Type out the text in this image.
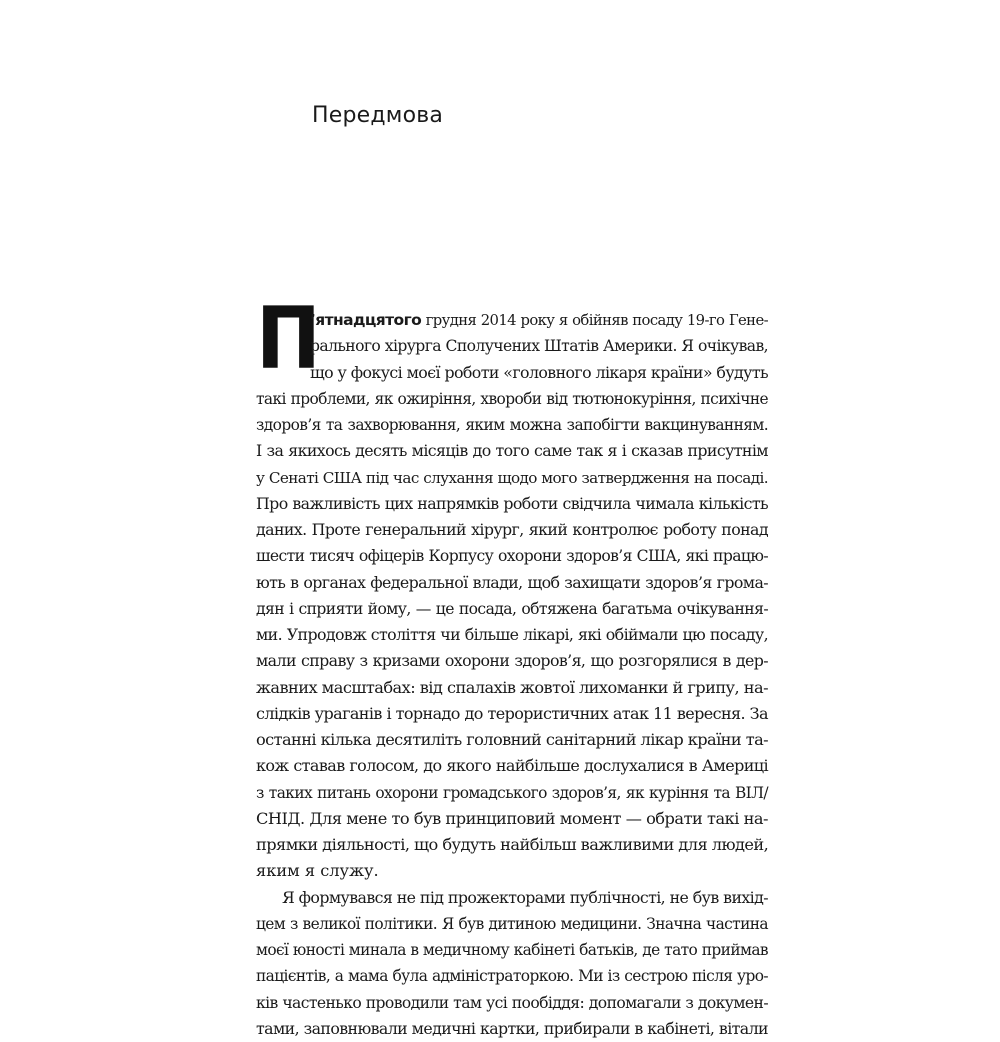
Передмова
П
’ятнадцятого грудня 2014 року я обійняв посаду 19-го Гене-
рального хірурга Сполучених Штатів Америки. Я очікував,
що у фокусі моєї роботи «головного лікаря країни» будуть
такі проблеми, як ожиріння, хвороби від тютюнокуріння, психічне
здоров’я та захворювання, яким можна запобігти вакцинуванням.
І за якихось десять місяців до того саме так я і сказав присутнім
у Сенаті США під час слухання щодо мого затвердження на посаді.
Про важливість цих напрямків роботи свідчила чимала кількість
даних. Проте генеральний хірург, який контролює роботу понад
шести тисяч офіцерів Корпусу охорони здоров’я США, які працю-
ють в органах федеральної влади, щоб захищати здоров’я грома-
дян і сприяти йому, — це посада, обтяжена багатьма очікування-
ми. Упродовж століття чи більше лікарі, які обіймали цю посаду,
мали справу з кризами охорони здоров’я, що розгорялися в дер-
жавних масштабах: від спалахів жовтої лихоманки й грипу, на-
слідків ураганів і торнадо до терористичних атак 11 вересня. За
останні кілька десятиліть головний санітарний лікар країни та-
кож ставав голосом, до якого найбільше дослухалися в Америці
з таких питань охорони громадського здоров’я, як куріння та ВІЛ/
СНІД. Для мене то був принциповий момент — обрати такі на-
прямки діяльності, що будуть найбільш важливими для людей,
яким я служу.
Я формувався не під прожекторами публічності, не був вихід-
цем з великої політики. Я був дитиною медицини. Значна частина
моєї юності минала в медичному кабінеті батьків, де тато приймав
пацієнтів, а мама була адміністраторкою. Ми із сестрою після уро-
ків частенько проводили там усі пообіддя: допомагали з докумен-
тами, заповнювали медичні картки, прибирали в кабінеті, вітали
